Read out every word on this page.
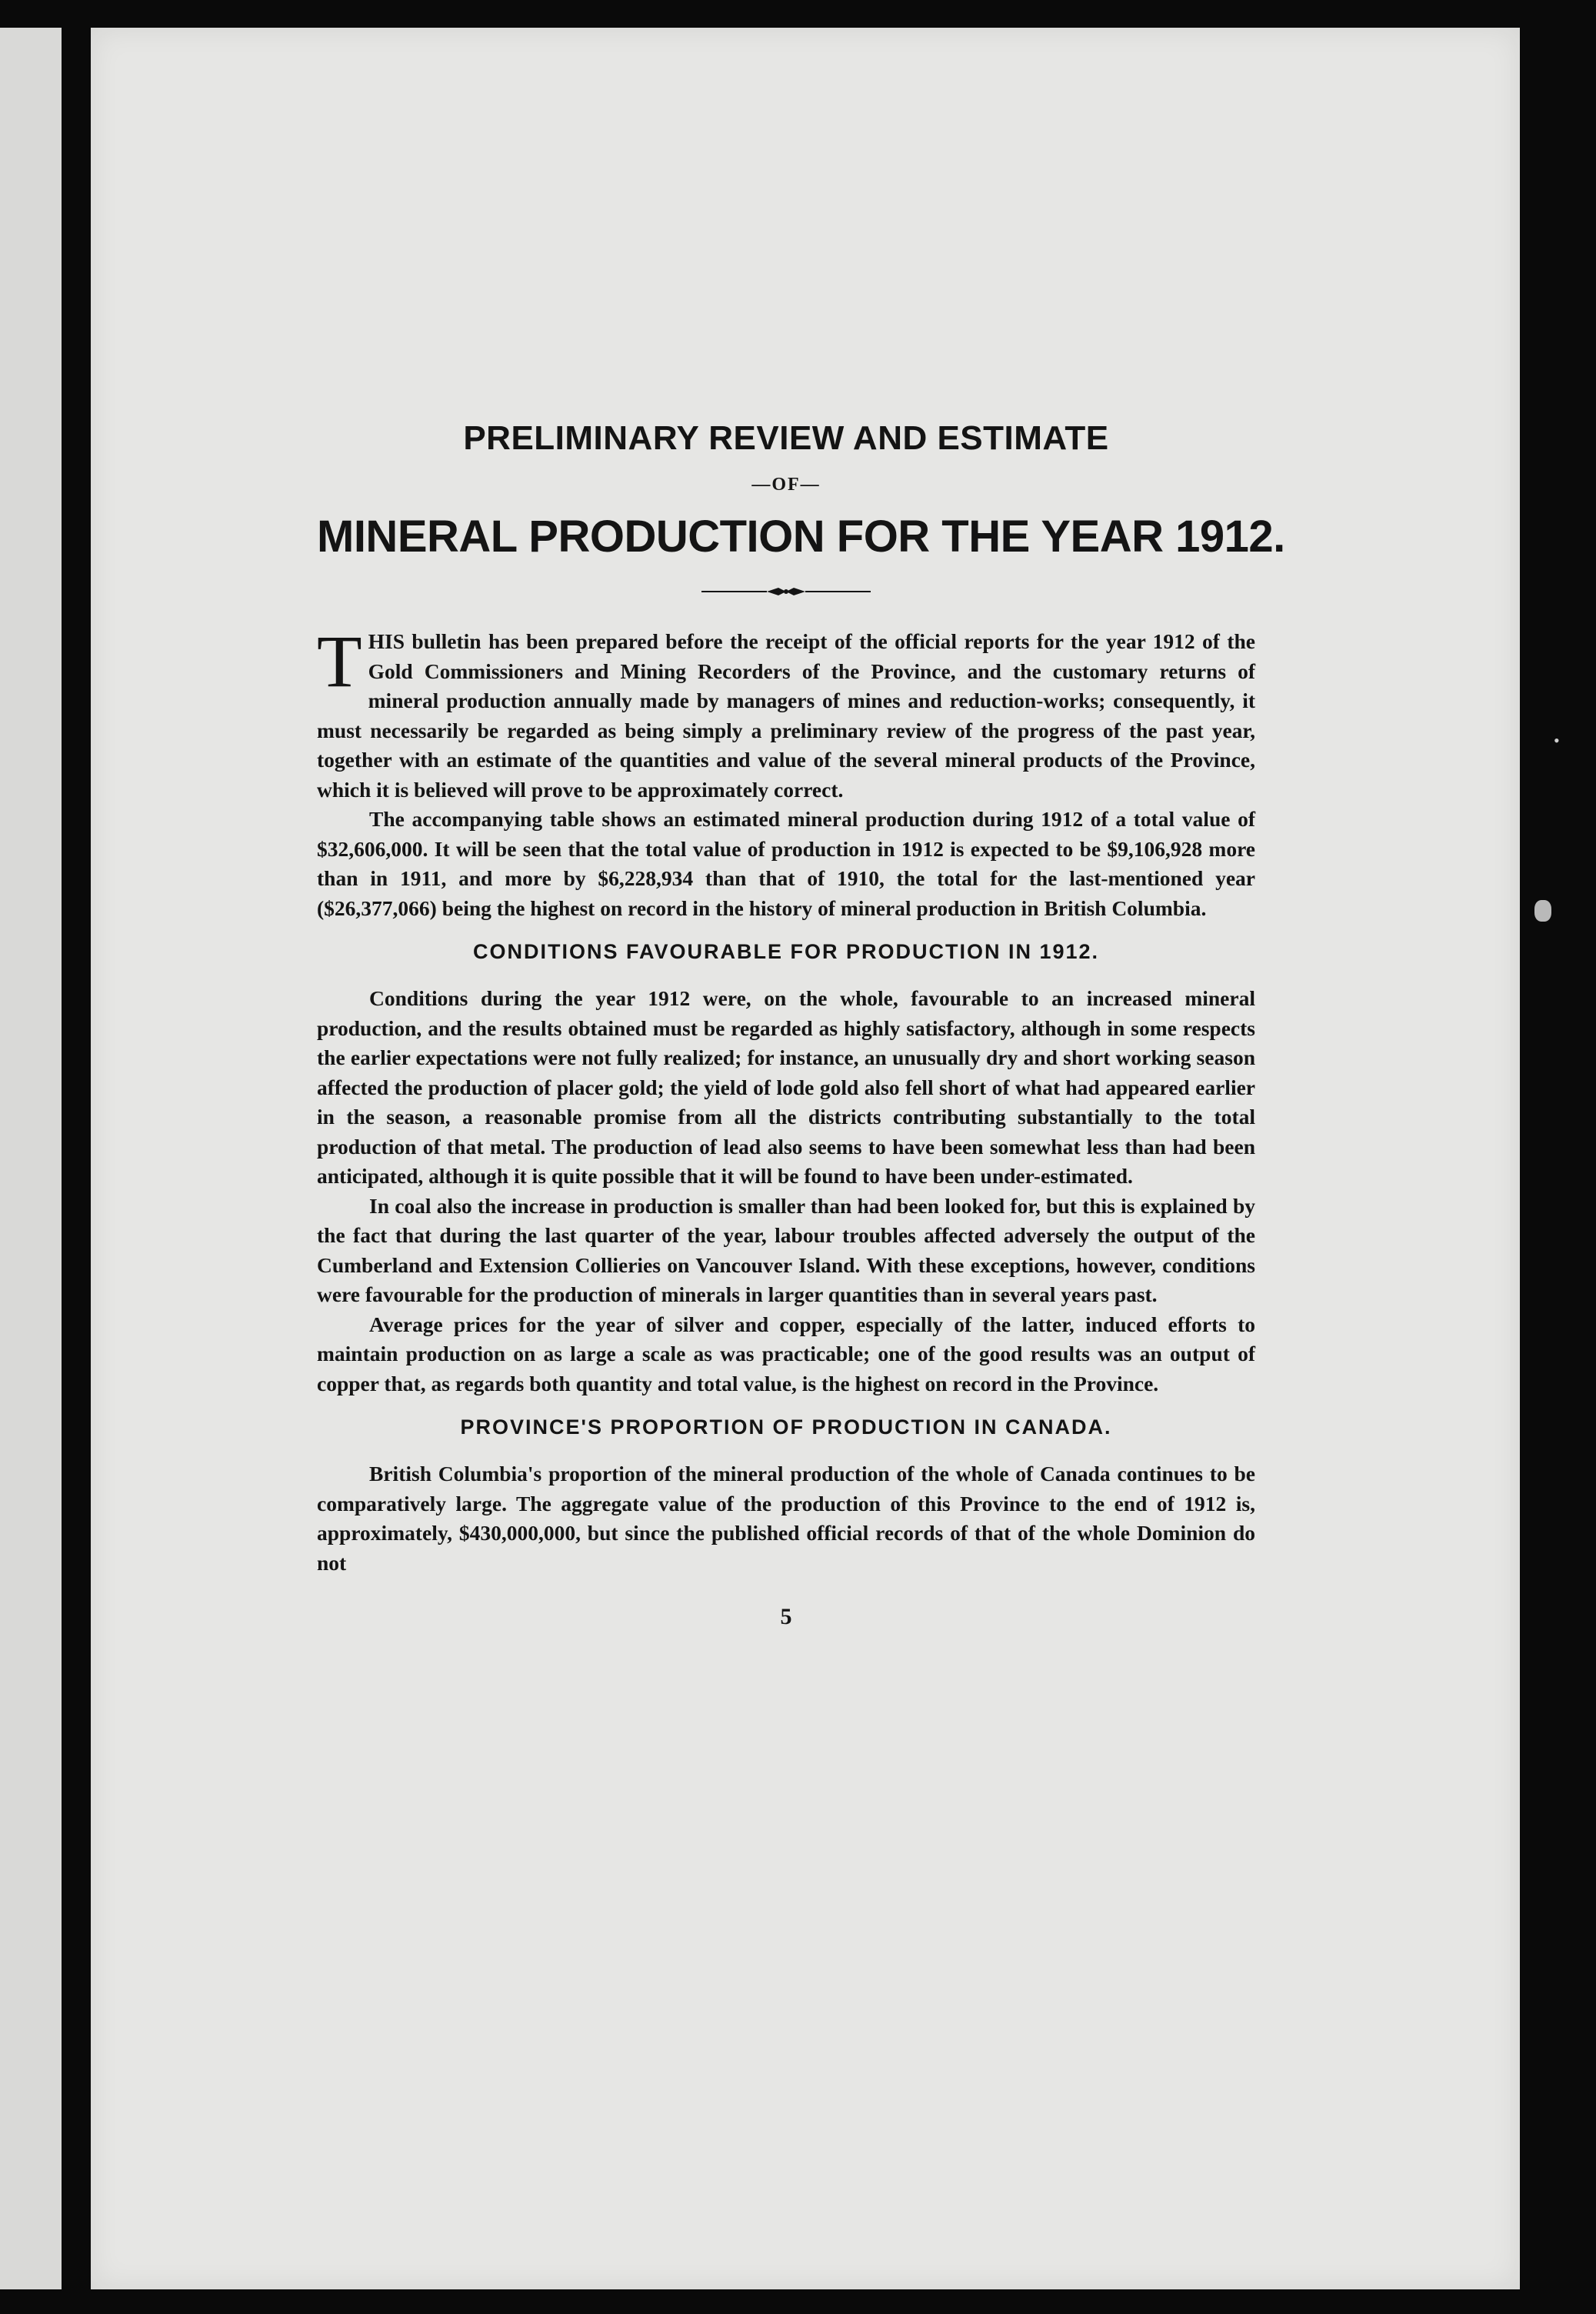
PRELIMINARY REVIEW AND ESTIMATE
—OF—
MINERAL PRODUCTION FOR THE YEAR 1912.

T HIS bulletin has been prepared before the receipt of the official reports for the year 1912 of the Gold Commissioners and Mining Recorders of the Province, and the customary returns of mineral production annually made by managers of mines and reduction-works; consequently, it must necessarily be regarded as being simply a preliminary review of the progress of the past year, together with an estimate of the quantities and value of the several mineral products of the Province, which it is believed will prove to be approximately correct.

The accompanying table shows an estimated mineral production during 1912 of a total value of $32,606,000. It will be seen that the total value of production in 1912 is expected to be $9,106,928 more than in 1911, and more by $6,228,934 than that of 1910, the total for the last-mentioned year ($26,377,066) being the highest on record in the history of mineral production in British Columbia.

CONDITIONS FAVOURABLE FOR PRODUCTION IN 1912.

Conditions during the year 1912 were, on the whole, favourable to an increased mineral production, and the results obtained must be regarded as highly satisfactory, although in some respects the earlier expectations were not fully realized; for instance, an unusually dry and short working season affected the production of placer gold; the yield of lode gold also fell short of what had appeared earlier in the season, a reasonable promise from all the districts contributing substantially to the total production of that metal. The production of lead also seems to have been somewhat less than had been anticipated, although it is quite possible that it will be found to have been under-estimated.

In coal also the increase in production is smaller than had been looked for, but this is explained by the fact that during the last quarter of the year, labour troubles affected adversely the output of the Cumberland and Extension Collieries on Vancouver Island. With these exceptions, however, conditions were favourable for the production of minerals in larger quantities than in several years past.

Average prices for the year of silver and copper, especially of the latter, induced efforts to maintain production on as large a scale as was practicable; one of the good results was an output of copper that, as regards both quantity and total value, is the highest on record in the Province.

PROVINCE'S PROPORTION OF PRODUCTION IN CANADA.

British Columbia's proportion of the mineral production of the whole of Canada continues to be comparatively large. The aggregate value of the production of this Province to the end of 1912 is, approximately, $430,000,000, but since the published official records of that of the whole Dominion do not

5
•
